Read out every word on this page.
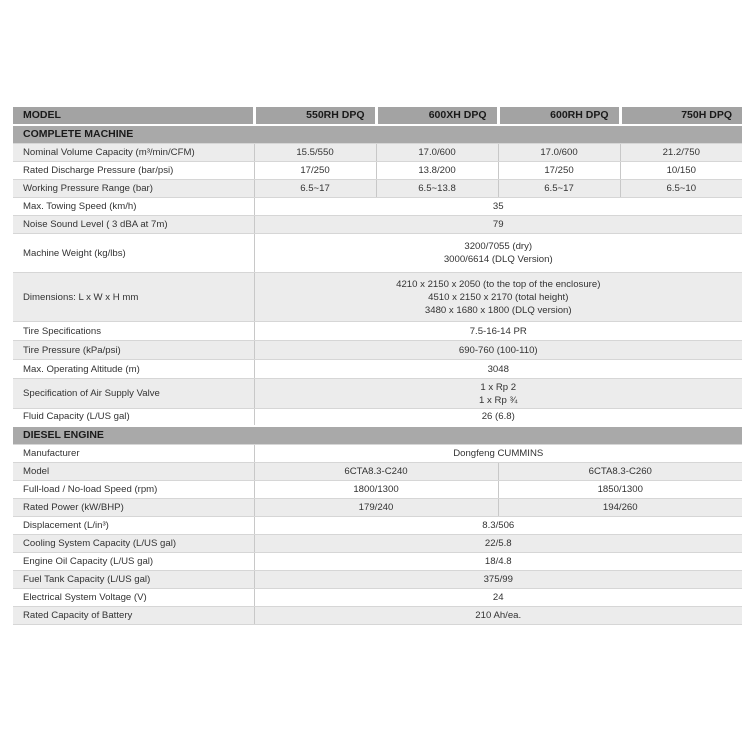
MODEL	550RH DPQ	600XH DPQ	600RH DPQ	750H DPQ
COMPLETE MACHINE				
Nominal Volume Capacity (m³/min/CFM)	15.5/550	17.0/600	17.0/600	21.2/750
Rated Discharge Pressure (bar/psi)	17/250	13.8/200	17/250	10/150
Working Pressure Range (bar)	6.5~17	6.5~13.8	6.5~17	6.5~10
Max. Towing Speed (km/h)	35			
Noise Sound Level ( 3 dBA at 7m)	79			
Machine Weight (kg/lbs)	3200/7055 (dry)
3000/6614 (DLQ Version)			

Dimensions: L x W x H mm	4210 x 2150 x 2050 (to the top of the enclosure)
4510 x 2150 x 2170 (total height)
3480 x 1680 x 1800 (DLQ version)			

Tire Specifications	7.5-16-14 PR			
Tire Pressure (kPa/psi)	690-760 (100-110)			
Max. Operating Altitude (m)	3048			
Specification of Air Supply Valve	1 x Rp 2
1 x Rp ¾			

Fluid Capacity (L/US gal)	26 (6.8)			
DIESEL ENGINE				
Manufacturer	Dongfeng CUMMINS			
Model	6CTA8.3-C240		6CTA8.3-C260	
Full-load / No-load Speed (rpm)	1800/1300		1850/1300	
Rated Power (kW/BHP)	179/240		194/260	
Displacement (L/in³)	8.3/506			
Cooling System Capacity (L/US gal)	22/5.8			
Engine Oil Capacity (L/US gal)	18/4.8			
Fuel Tank Capacity (L/US gal)	375/99			
Electrical System Voltage (V)	24			
Rated Capacity of Battery	210 Ah/ea.			
